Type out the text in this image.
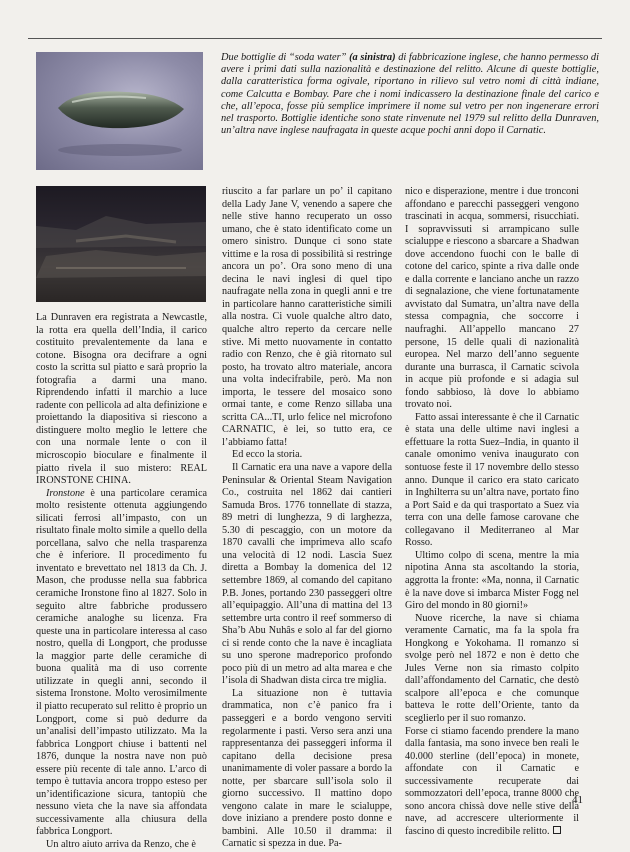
Due bottiglie di “soda water” (a sinistra) di fabbricazione inglese, che hanno permesso di avere i primi dati sulla nazionalità e destinazione del relitto. Alcune di queste bottiglie, dalla caratteristica forma ogivale, riportano in rilievo sul vetro nomi di città indiane, come Calcutta e Bombay. Pare che i nomi indicassero la destinazione finale del carico e che, all’epoca, fosse più semplice imprimere il nome sul vetro per non ingenerare errori nel trasporto. Bottiglie identiche sono state rinvenute nel 1979 sul relitto della Dunraven, un’altra nave inglese naufragata in queste acque pochi anni dopo il Carnatic.

La Dunraven era registrata a Newcastle, la rotta era quella dell’India, il carico costituito prevalentemente da lana e cotone. Bisogna ora decifrare a ogni costo la scritta sul piatto e sarà proprio la fotografia a darmi una mano. Riprendendo infatti il marchio a luce radente con pellicola ad alta definizione e proiettando la diapositiva si riescono a distinguere molto meglio le lettere che con una normale lente o con il microscopio bioculare e finalmente il piatto rivela il suo mistero: REAL IRONSTONE CHINA.

Ironstone è una particolare ceramica molto resistente ottenuta aggiungendo silicati ferrosi all’impasto, con un risultato finale molto simile a quello della porcellana, salvo che nella trasparenza che è inferiore. Il procedimento fu inventato e brevettato nel 1813 da Ch. J. Mason, che produsse nella sua fabbrica ceramiche Ironstone fino al 1827. Solo in seguito altre fabbriche produssero ceramiche analoghe su licenza. Fra queste una in particolare interessa al caso nostro, quella di Longport, che produsse la maggior parte delle ceramiche di buona qualità ma di uso corrente utilizzate in quegli anni, secondo il sistema Ironstone. Molto verosimilmente il piatto recuperato sul relitto è proprio un Longport, come si può dedurre da un’analisi dell’impasto utilizzato. Ma la fabbrica Longport chiuse i battenti nel 1876, dunque la nostra nave non può essere più recente di tale anno. L’arco di tempo è tuttavia ancora troppo esteso per un’identificazione sicura, tantopiù che nessuno vieta che la nave sia affondata successivamente alla chiusura della fabbrica Longport.

Un altro aiuto arriva da Renzo, che è

riuscito a far parlare un po’ il capitano della Lady Jane V, venendo a sapere che nelle stive hanno recuperato un osso umano, che è stato identificato come un omero sinistro. Dunque ci sono state vittime e la rosa di possibilità si restringe ancora un po’. Ora sono meno di una decina le navi inglesi di quel tipo naufragate nella zona in quegli anni e tre in particolare hanno caratteristiche simili alla nostra. Ci vuole qualche altro dato, qualche altro reperto da cercare nelle stive. Mi metto nuovamente in contatto radio con Renzo, che è già ritornato sul posto, ha trovato altro materiale, ancora una volta indecifrabile, però. Ma non importa, le tessere del mosaico sono ormai tante, e come Renzo sillaba una scritta CA...TI, urlo felice nel microfono CARNATIC, è lei, so tutto era, ce l’abbiamo fatta!

Ed ecco la storia.

Il Carnatic era una nave a vapore della Peninsular & Oriental Steam Navigation Co., costruita nel 1862 dai cantieri Samuda Bros. 1776 tonnellate di stazza, 89 metri di lunghezza, 9 di larghezza, 5.30 di pescaggio, con un motore da 1870 cavalli che imprimeva allo scafo una velocità di 12 nodi. Lascia Suez diretta a Bombay la domenica del 12 settembre 1869, al comando del capitano P.B. Jones, portando 230 passeggeri oltre all’equipaggio. All’una di mattina del 13 settembre urta contro il reef sommerso di Sha’b Abu Nuhâs e solo al far del giorno ci si rende conto che la nave è incagliata su uno sperone madreporico profondo poco più di un metro ad alta marea e che l’isola di Shadwan dista circa tre miglia.

La situazione non è tuttavia drammatica, non c’è panico fra i passeggeri e a bordo vengono serviti regolarmente i pasti. Verso sera anzi una rappresentanza dei passeggeri informa il capitano della decisione presa unanimamente di voler passare a bordo la notte, per sbarcare sull’isola solo il giorno successivo. Il mattino dopo vengono calate in mare le scialuppe, dove iniziano a prendere posto donne e bambini. Alle 10.50 il dramma: il Carnatic si spezza in due. Pa-

nico e disperazione, mentre i due tronconi affondano e parecchi passeggeri vengono trascinati in acqua, sommersi, risucchiati. I sopravvissuti si arrampicano sulle scialuppe e riescono a sbarcare a Shadwan dove accendono fuochi con le balle di cotone del carico, spinte a riva dalle onde e dalla corrente e lanciano anche un razzo di segnalazione, che viene fortunatamente avvistato dal Sumatra, un’altra nave della stessa compagnia, che soccorre i naufraghi. All’appello mancano 27 persone, 15 delle quali di nazionalità europea. Nel marzo dell’anno seguente durante una burrasca, il Carnatic scivola in acque più profonde e si adagia sul fondo sabbioso, là dove lo abbiamo trovato noi.

Fatto assai interessante è che il Carnatic è stata una delle ultime navi inglesi a effettuare la rotta Suez–India, in quanto il canale omonimo veniva inaugurato con sontuose feste il 17 novembre dello stesso anno. Dunque il carico era stato caricato in Inghilterra su un’altra nave, portato fino a Port Said e da qui trasportato a Suez via terra con una delle famose carovane che collegavano il Mediterraneo al Mar Rosso.

Ultimo colpo di scena, mentre la mia nipotina Anna sta ascoltando la storia, aggrotta la fronte: «Ma, nonna, il Carnatic è la nave dove si imbarca Mister Fogg nel Giro del mondo in 80 giorni!»

Nuove ricerche, la nave si chiama veramente Carnatic, ma fa la spola fra Hongkong e Yokohama. Il romanzo si svolge però nel 1872 e non è detto che Jules Verne non sia rimasto colpito dall’affondamento del Carnatic, che destò scalpore all’epoca e che comunque batteva le rotte dell’Oriente, tanto da sceglierlo per il suo romanzo.

Forse ci stiamo facendo prendere la mano dalla fantasia, ma sono invece ben reali le 40.000 sterline (dell’epoca) in monete, affondate con il Carnatic e successivamente recuperate dai sommozzatori dell’epoca, tranne 8000 che sono ancora chissà dove nelle stive della nave, ad accrescere ulteriormente il fascino di questo incredibile relitto.

41
